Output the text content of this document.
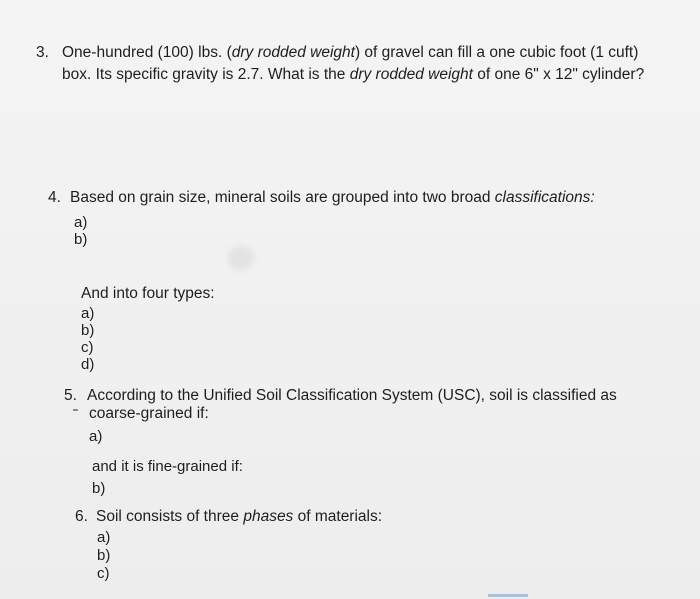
3. One-hundred (100) lbs. (dry rodded weight) of gravel can fill a one cubic foot (1 cuft)
box. Its specific gravity is 2.7. What is the dry rodded weight of one 6" x 12" cylinder?
4. Based on grain size, mineral soils are grouped into two broad classifications:
a)
b)
And into four types:
a)
b)
c)
d)
5. According to the Unified Soil Classification System (USC), soil is classified as
coarse-grained if:
a)
and it is fine-grained if:
b)
6. Soil consists of three phases of materials:
a)
b)
c)
